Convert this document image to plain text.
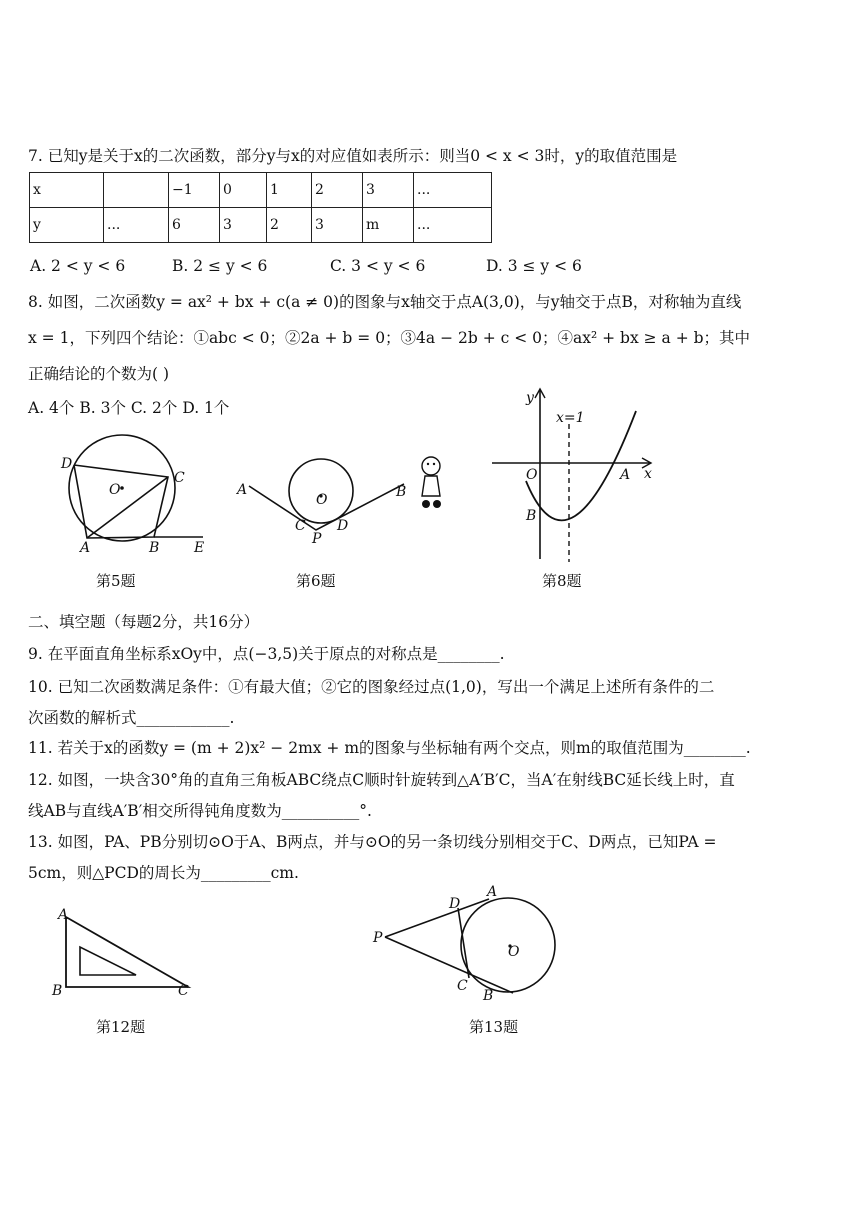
7. 已知y是关于x的二次函数，部分y与x的对应值如表所示：则当0 < x < 3时，y的取值范围是
x		−1	0	1	2	3	...
y	...	6	3	2	3	m	...
A. 2 < y < 6	B. 2 ≤ y < 6	C. 3 < y < 6	D. 3 ≤ y < 6
8. 如图，二次函数y = ax² + bx + c(a ≠ 0)的图象与x轴交于点A(3,0)，与y轴交于点B，对称轴为直线
x = 1，下列四个结论：①abc < 0；②2a + b = 0；③4a − 2b + c < 0；④ax² + bx ≥ a + b；其中
正确结论的个数为( )
A. 4个 B. 3个 C. 2个 D. 1个
D
C
O
A	B E
第5题
A	B
O
C D
P
第6题
y
x=1
O	A x
B
第8题
二、填空题（每题2分，共16分）
9. 在平面直角坐标系xOy中，点(−3,5)关于原点的对称点是________.
10. 已知二次函数满足条件：①有最大值；②它的图象经过点(1,0)，写出一个满足上述所有条件的二
次函数的解析式____________.
11. 若关于x的函数y = (m + 2)x² − 2mx + m的图象与坐标轴有两个交点，则m的取值范围为________.
12. 如图，一块含30°角的直角三角板ABC绕点C顺时针旋转到△A′B′C，当A′在射线BC延长线上时，直
线AB与直线A′B′相交所得钝角度数为__________°.
13. 如图，PA、PB分别切⊙O于A、B两点，并与⊙O的另一条切线分别相交于C、D两点，已知PA =
5cm，则△PCD的周长为_________cm.
A
B	C
第12题
D
A
P
O
C
B
第13题
